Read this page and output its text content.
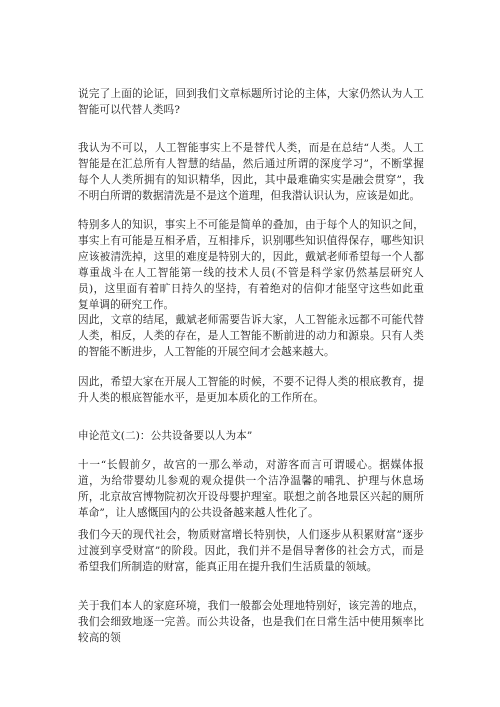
说完了上面的论证，回到我们文章标题所讨论的主体，大家仍然认为人工智能可以代替人类吗?

我认为不可以，人工智能事实上不是替代人类，而是在总结“人类。人工智能是在汇总所有人智慧的结晶，然后通过所谓的深度学习”，不断掌握每个人人类所拥有的知识精华，因此，其中最难确实实是融会贯穿”，我不明白所谓的数据清洗是不是这个道理，但我潜认识认为，应该是如此。

特别多人的知识，事实上不可能是简单的叠加，由于每个人的知识之间，事实上有可能是互相矛盾，互相排斥，识别哪些知识值得保存，哪些知识应该被清洗掉，这里的难度是特别大的，因此，戴斌老师希望每一个人都尊重战斗在人工智能第一线的技术人员(不管是科学家仍然基层研究人员)，这里面有着旷日持久的坚持，有着绝对的信仰才能坚守这些如此重复单调的研究工作。

因此，文章的结尾，戴斌老师需要告诉大家，人工智能永远都不可能代替人类，相反，人类的存在，是人工智能不断前进的动力和源泉。只有人类的智能不断进步，人工智能的开展空间才会越来越大。

因此，希望大家在开展人工智能的时候，不要不记得人类的根底教育，提升人类的根底智能水平，是更加本质化的工作所在。

申论范文(二)：公共设备要以人为本”

十一“长假前夕，故宫的一那么举动，对游客而言可谓暖心。据媒体报道，为给带婴幼儿参观的观众提供一个洁净温馨的哺乳、护理与休息场所，北京故宫博物院初次开设母婴护理室。联想之前各地景区兴起的厕所革命”，让人感慨国内的公共设备越来越人性化了。

我们今天的现代社会，物质财富增长特别快，人们逐步从积累财富”逐步过渡到享受财富”的阶段。因此，我们并不是倡导奢侈的社会方式，而是希望我们所制造的财富，能真正用在提升我们生活质量的领域。

关于我们本人的家庭环境，我们一般都会处理地特别好，该完善的地点，我们会细致地逐一完善。而公共设备，也是我们在日常生活中使用频率比较高的领
